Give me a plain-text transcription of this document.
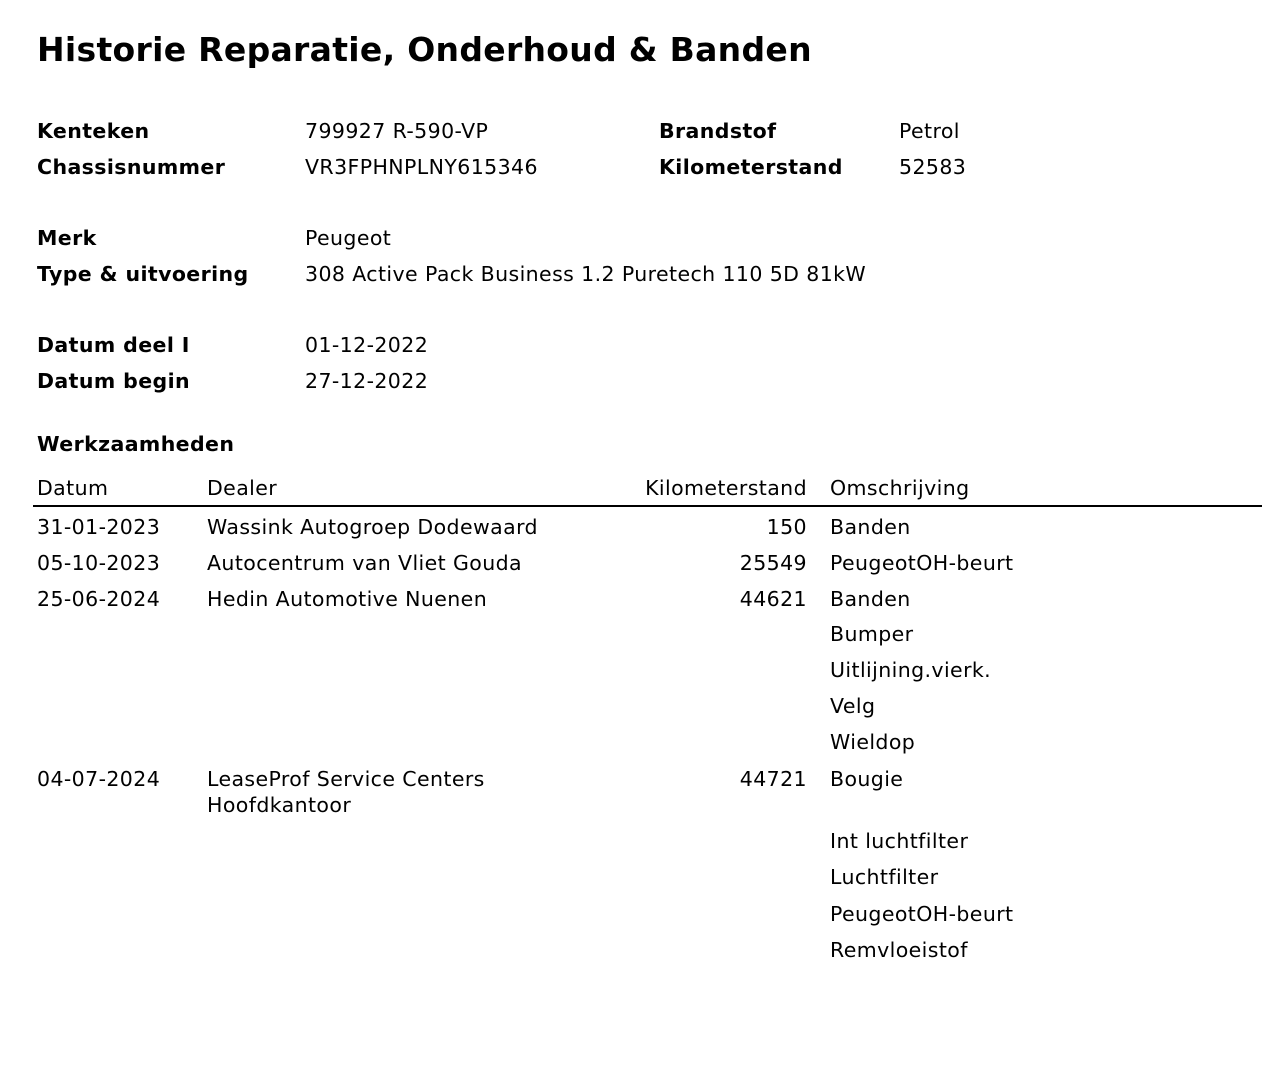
Historie Reparatie, Onderhoud & Banden
Kenteken	799927 R-590-VP	Brandstof	Petrol
Chassisnummer	VR3FPHNPLNY615346	Kilometerstand	52583
Merk	Peugeot
Type & uitvoering	308 Active Pack Business 1.2 Puretech 110 5D 81kW
Datum deel I	01-12-2022
Datum begin	27-12-2022
Werkzaamheden
Datum	Dealer	Kilometerstand Omschrijving
31-01-2023 Wassink Autogroep Dodewaard	150 Banden
05-10-2023 Autocentrum van Vliet Gouda	25549 PeugeotOH-beurt
25-06-2024 Hedin Automotive Nuenen	44621 Banden
Bumper
Uitlijning.vierk.
Velg
Wieldop
04-07-2024 LeaseProf Service Centers
Hoofdkantoor
44721 Bougie
Int luchtfilter
Luchtfilter
PeugeotOH-beurt
Remvloeistof
